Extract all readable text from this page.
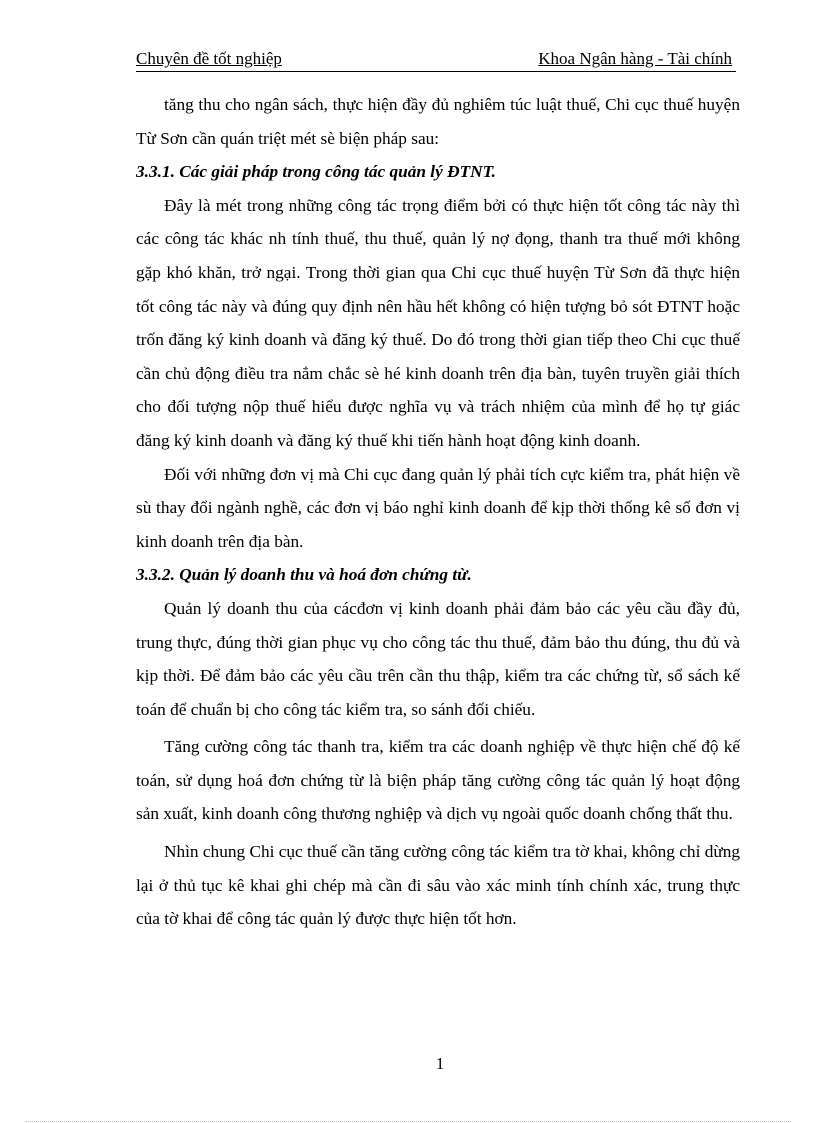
Chuyên đề tốt nghiệp	Khoa Ngân hàng - Tài chính

tăng thu cho ngân sách, thực hiện đầy đủ nghiêm túc luật thuế, Chi cục thuế huyện Từ Sơn cần quán triệt mét sè biện pháp sau:

3.3.1. Các giải pháp trong công tác quản lý ĐTNT.

Đây là mét trong những công tác trọng điểm bởi có thực hiện tốt công tác này thì các công tác khác nh tính thuế, thu thuế, quản lý nợ đọng, thanh tra thuế mới không gặp khó khăn, trở ngại. Trong thời gian qua Chi cục thuế huyện Từ Sơn đã thực hiện tốt công tác này và đúng quy định nên hầu hết không có hiện tượng bỏ sót ĐTNT hoặc trốn đăng ký kinh doanh và đăng ký thuế. Do đó trong thời gian tiếp theo Chi cục thuế cần chủ động điều tra nắm chắc sè hé kinh doanh trên địa bàn, tuyên truyền giải thích cho đối tượng nộp thuế hiểu được nghĩa vụ và trách nhiệm của mình để họ tự giác đăng ký kinh doanh và đăng ký thuế khi tiến hành hoạt động kinh doanh.

Đối với những đơn vị mà Chi cục đang quản lý phải tích cực kiểm tra, phát hiện về sù thay đổi ngành nghề, các đơn vị báo nghỉ kinh doanh để kịp thời thống kê số đơn vị kinh doanh trên địa bàn.

3.3.2. Quản lý doanh thu và hoá đơn chứng từ.

Quản lý doanh thu của cácđơn vị kinh doanh phải đảm bảo các yêu cầu đầy đủ, trung thực, đúng thời gian phục vụ cho công tác thu thuế, đảm bảo thu đúng, thu đủ và kịp thời. Để đảm bảo các yêu cầu trên cần thu thập, kiểm tra các chứng từ, sổ sách kế toán để chuẩn bị cho công tác kiểm tra, so sánh đối chiếu.

Tăng cường công tác thanh tra, kiểm tra các doanh nghiệp về thực hiện chế độ kế toán, sử dụng hoá đơn chứng từ là biện pháp tăng cường công tác quản lý hoạt động sản xuất, kinh doanh công thương nghiệp và dịch vụ ngoài quốc doanh chống thất thu.

Nhìn chung Chi cục thuế cần tăng cường công tác kiểm tra tờ khai, không chỉ dừng lại ở thủ tục kê khai ghi chép mà cần đi sâu vào xác minh tính chính xác, trung thực của tờ khai để công tác quản lý được thực hiện tốt hơn.

1
